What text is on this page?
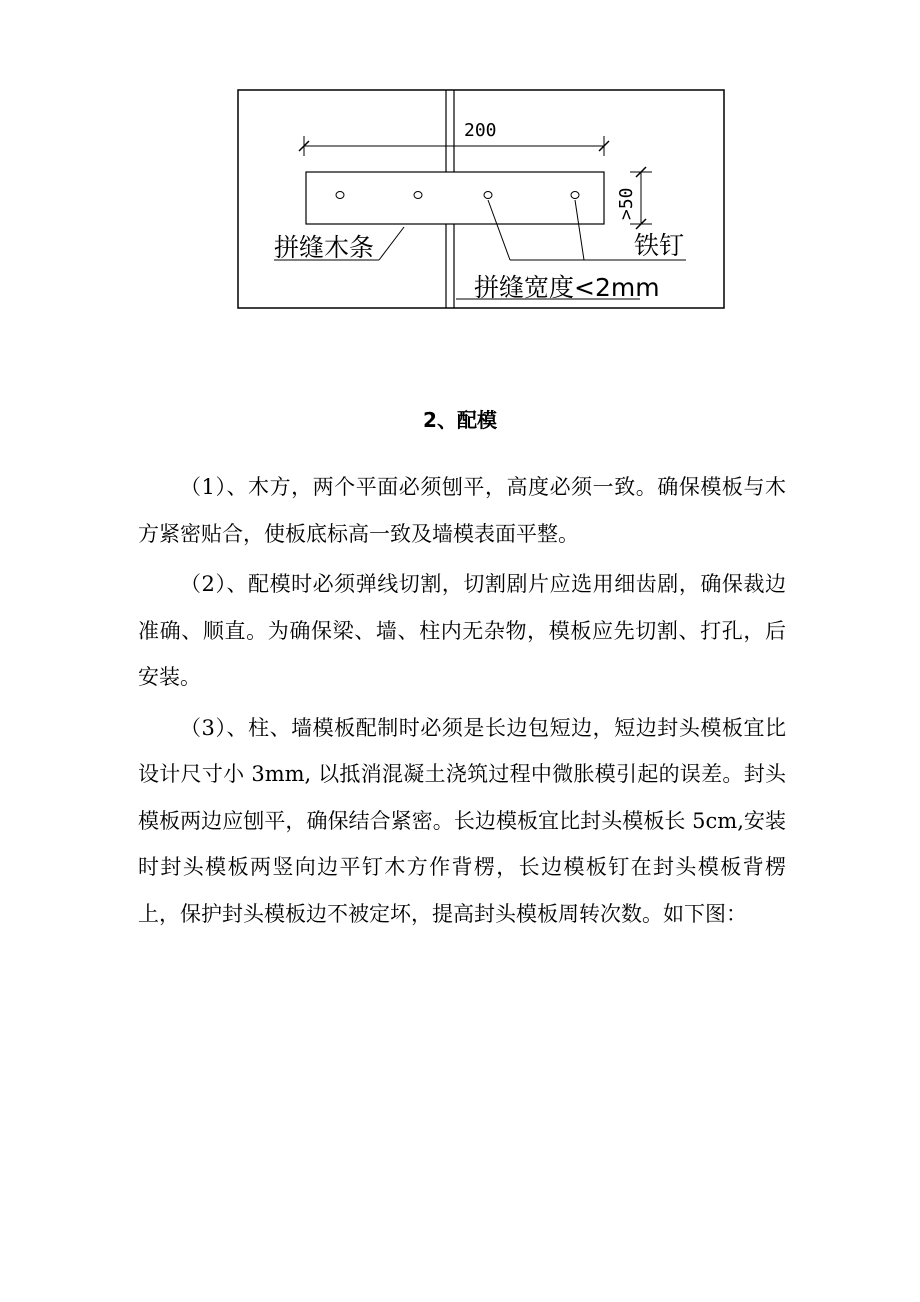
200
>50
拼缝木条	铁钉
拼缝宽度<2mm
2、配模

（1）、木方，两个平面必须刨平，高度必须一致。确保模板与木方紧密贴合，使板底标高一致及墙模表面平整。

（2）、配模时必须弹线切割，切割剧片应选用细齿剧，确保裁边准确、顺直。为确保梁、墙、柱内无杂物，模板应先切割、打孔，后安装。

（3）、柱、墙模板配制时必须是长边包短边，短边封头模板宜比设计尺寸小 3mm, 以抵消混凝土浇筑过程中微胀模引起的误差。封头模板两边应刨平，确保结合紧密。长边模板宜比封头模板长 5cm,安装时封头模板两竖向边平钉木方作背楞，长边模板钉在封头模板背楞上，保护封头模板边不被定坏，提高封头模板周转次数。如下图：
